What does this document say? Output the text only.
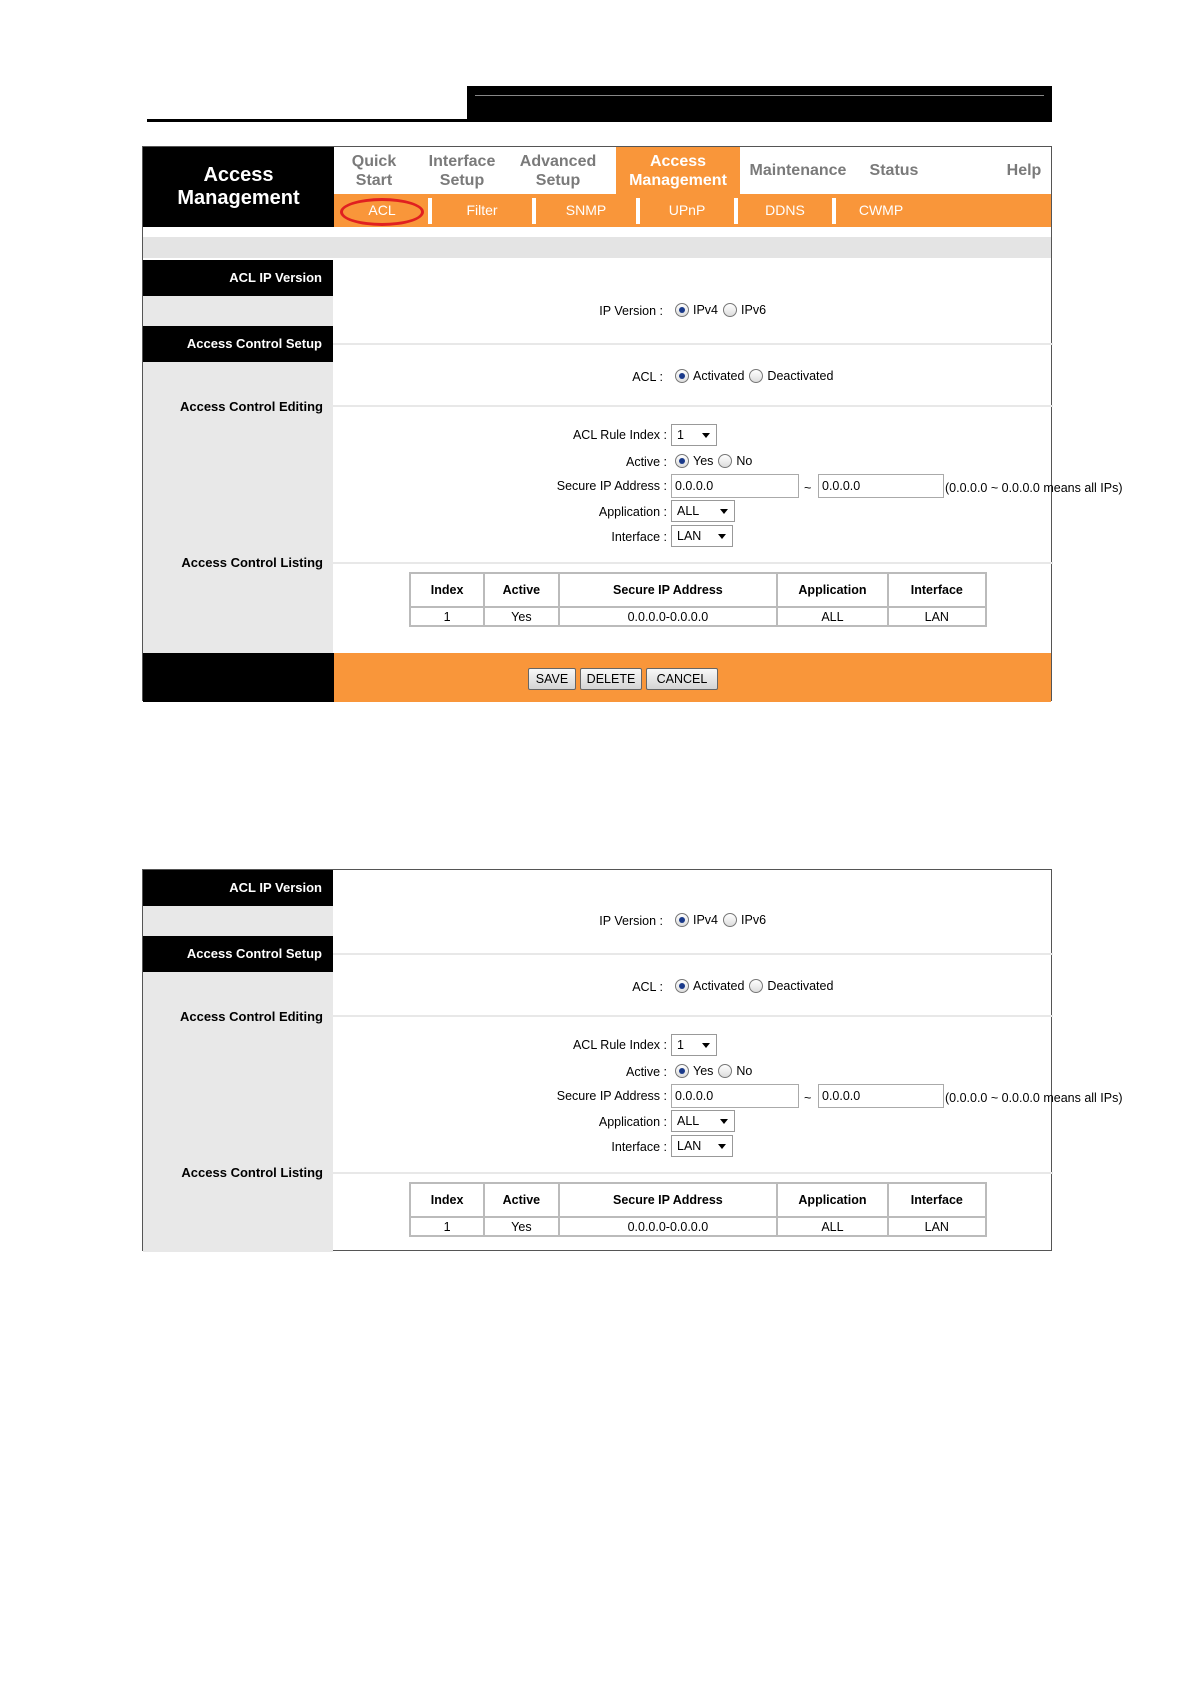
Access
Management
Quick
Start
Interface
Setup
Advanced
Setup
Access
Management
Maintenance Status	Help
ACL	Filter	SNMP	UPnP	DDNS	CWMP
ACL IP Version
Access Control Setup
Access Control Editing
Access Control Listing
IP Version : IPv4 IPv6
ACL : Activated Deactivated
ACL Rule Index : 1
Active : Yes No
Secure IP Address : 0.0.0.0	~ 0.0.0.0	(0.0.0.0 ~ 0.0.0.0 means all IPs)
Application : ALL
Interface : LAN
Index	Active	Secure IP Address	Application	Interface
1	Yes	0.0.0.0-0.0.0.0	ALL	LAN
SAVE	DELETE	CANCEL
ACL IP Version
Access Control Setup
Access Control Editing
Access Control Listing
IP Version : IPv4 IPv6
ACL : Activated Deactivated
ACL Rule Index : 1
Active : Yes No
Secure IP Address : 0.0.0.0	~ 0.0.0.0	(0.0.0.0 ~ 0.0.0.0 means all IPs)
Application : ALL
Interface : LAN
Index	Active	Secure IP Address	Application	Interface
1	Yes	0.0.0.0-0.0.0.0	ALL	LAN
